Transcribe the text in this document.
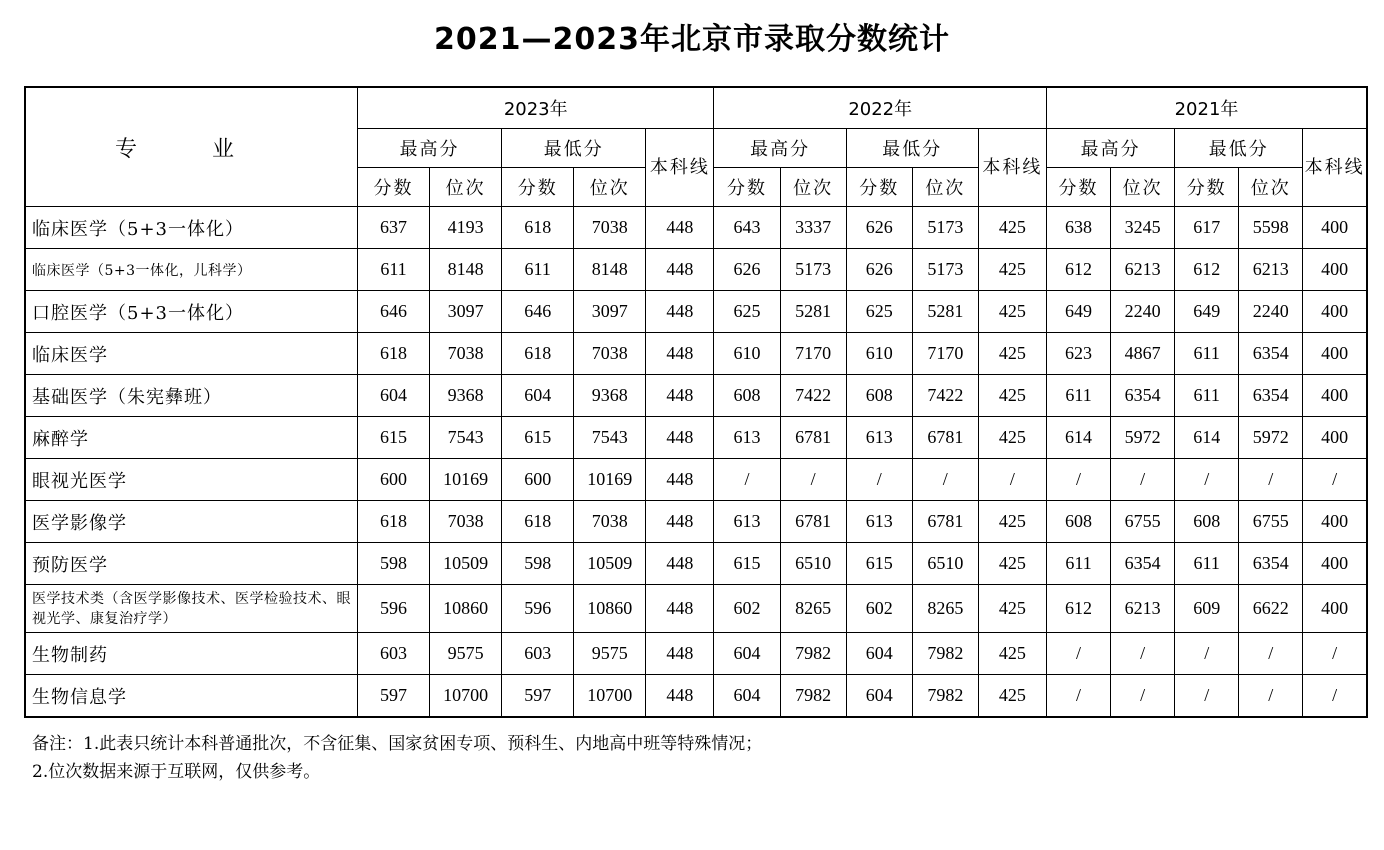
2021—2023年北京市录取分数统计
专 业	2023年					2022年					2021年				
	最高分		最低分		本科线	最高分		最低分		本科线	最高分		最低分		本科线
	分数	位次	分数	位次		分数	位次	分数	位次		分数	位次	分数	位次	
临床医学（5+3一体化）	637	4193	618	7038	448	643	3337	626	5173	425	638	3245	617	5598	400
临床医学（5+3一体化，儿科学）	611	8148	611	8148	448	626	5173	626	5173	425	612	6213	612	6213	400
口腔医学（5+3一体化）	646	3097	646	3097	448	625	5281	625	5281	425	649	2240	649	2240	400
临床医学	618	7038	618	7038	448	610	7170	610	7170	425	623	4867	611	6354	400
基础医学（朱宪彝班）	604	9368	604	9368	448	608	7422	608	7422	425	611	6354	611	6354	400
麻醉学	615	7543	615	7543	448	613	6781	613	6781	425	614	5972	614	5972	400
眼视光医学	600	10169	600	10169	448	/	/	/	/	/	/	/	/	/	/
医学影像学	618	7038	618	7038	448	613	6781	613	6781	425	608	6755	608	6755	400
预防医学	598	10509	598	10509	448	615	6510	615	6510	425	611	6354	611	6354	400
医学技术类（含医学影像技术、医学检验技术、眼视光学、康复治疗学）	596	10860	596	10860	448	602	8265	602	8265	425	612	6213	609	6622	400
生物制药	603	9575	603	9575	448	604	7982	604	7982	425	/	/	/	/	/
生物信息学	597	10700	597	10700	448	604	7982	604	7982	425	/	/	/	/	/
备注：1.此表只统计本科普通批次，不含征集、国家贫困专项、预科生、内地高中班等特殊情况；
2.位次数据来源于互联网，仅供参考。
